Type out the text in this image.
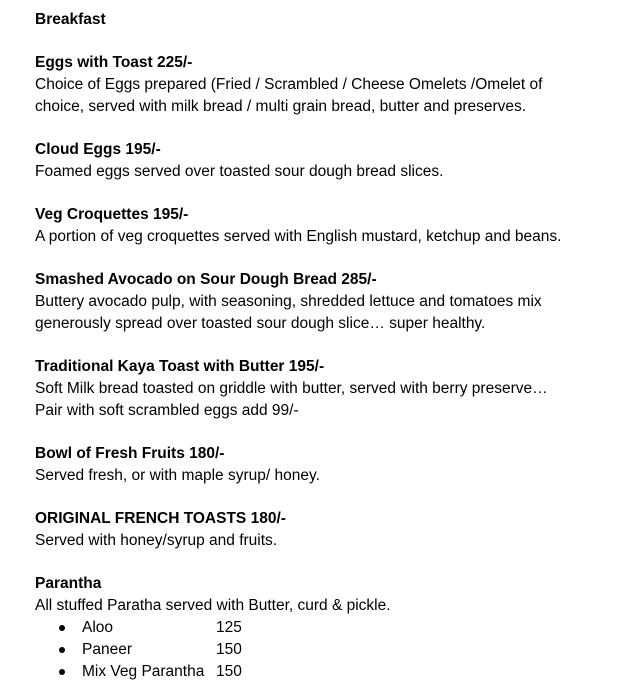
Breakfast
Eggs with Toast 225/-
Choice of Eggs prepared (Fried / Scrambled / Cheese Omelets /Omelet of
choice, served with milk bread / multi grain bread, butter and preserves.
Cloud Eggs 195/-
Foamed eggs served over toasted sour dough bread slices.
Veg Croquettes 195/-
A portion of veg croquettes served with English mustard, ketchup and beans.
Smashed Avocado on Sour Dough Bread 285/-
Buttery avocado pulp, with seasoning, shredded lettuce and tomatoes mix
generously spread over toasted sour dough slice… super healthy.
Traditional Kaya Toast with Butter 195/-
Soft Milk bread toasted on griddle with butter, served with berry preserve…
Pair with soft scrambled eggs add 99/-
Bowl of Fresh Fruits 180/-
Served fresh, or with maple syrup/ honey.
ORIGINAL FRENCH TOASTS 180/-
Served with honey/syrup and fruits.
Parantha
All stuffed Paratha served with Butter, curd & pickle.
Aloo	125
Paneer	150
Mix Veg Parantha 150
